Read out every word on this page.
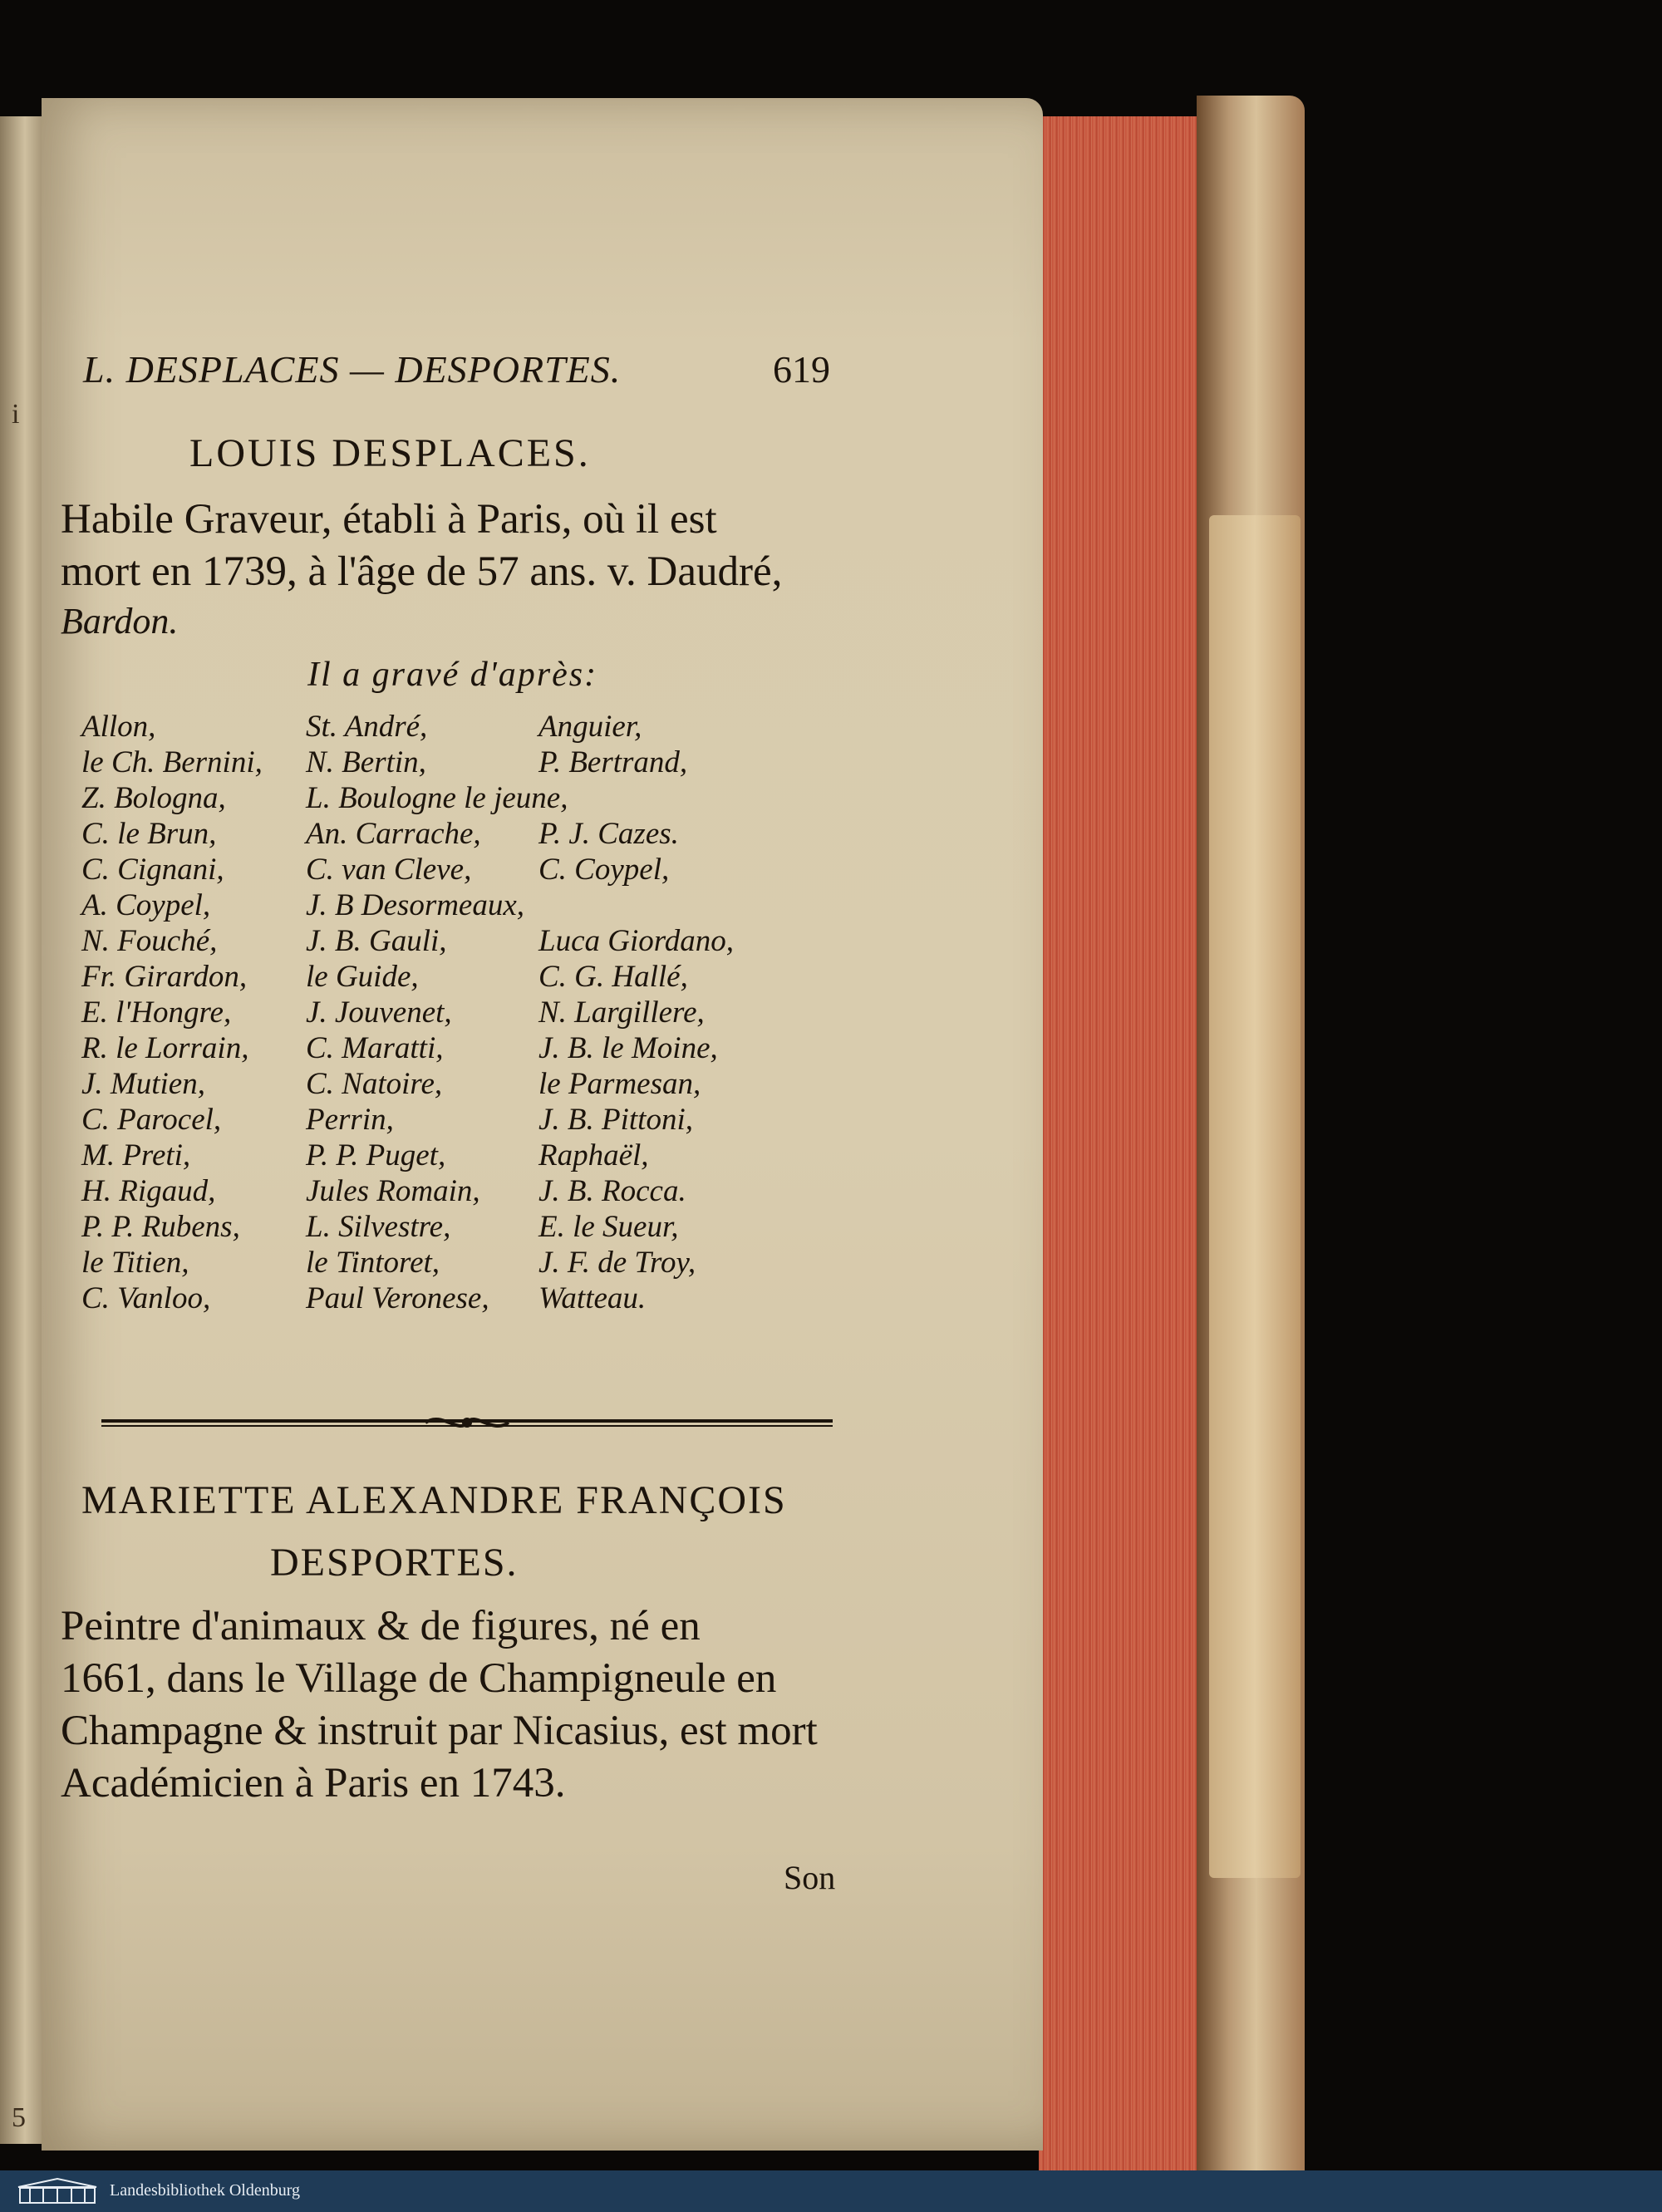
i
5
L. DESPLACES — DESPORTES.	619
LOUIS DESPLACES.
Habile Graveur, établi à Paris, où il est
mort en 1739, à l'âge de 57 ans. v. Daudré,
Bardon.
Il a gravé d'après:
Allon,	St. André,	Anguier,
le Ch. Bernini,	N. Bertin,	P. Bertrand,
Z. Bologna,	L. Boulogne le jeune,	
C. le Brun,	An. Carrache,	P. J. Cazes.
C. Cignani,	C. van Cleve,	C. Coypel,
A. Coypel,	J. B Desormeaux,	
N. Fouché,	J. B. Gauli,	Luca Giordano,
Fr. Girardon,	le Guide,	C. G. Hallé,
E. l'Hongre,	J. Jouvenet,	N. Largillere,
R. le Lorrain,	C. Maratti,	J. B. le Moine,
J. Mutien,	C. Natoire,	le Parmesan,
C. Parocel,	Perrin,	J. B. Pittoni,
M. Preti,	P. P. Puget,	Raphaël,
H. Rigaud,	Jules Romain,	J. B. Rocca.
P. P. Rubens,	L. Silvestre,	E. le Sueur,
le Titien,	le Tintoret,	J. F. de Troy,
C. Vanloo,	Paul Veronese,	Watteau.
MARIETTE ALEXANDRE FRANÇOIS
DESPORTES.
Peintre d'animaux & de figures, né en
1661, dans le Village de Champigneule en
Champagne & instruit par Nicasius, est mort
Académicien à Paris en 1743.
Son
Landesbibliothek Oldenburg
